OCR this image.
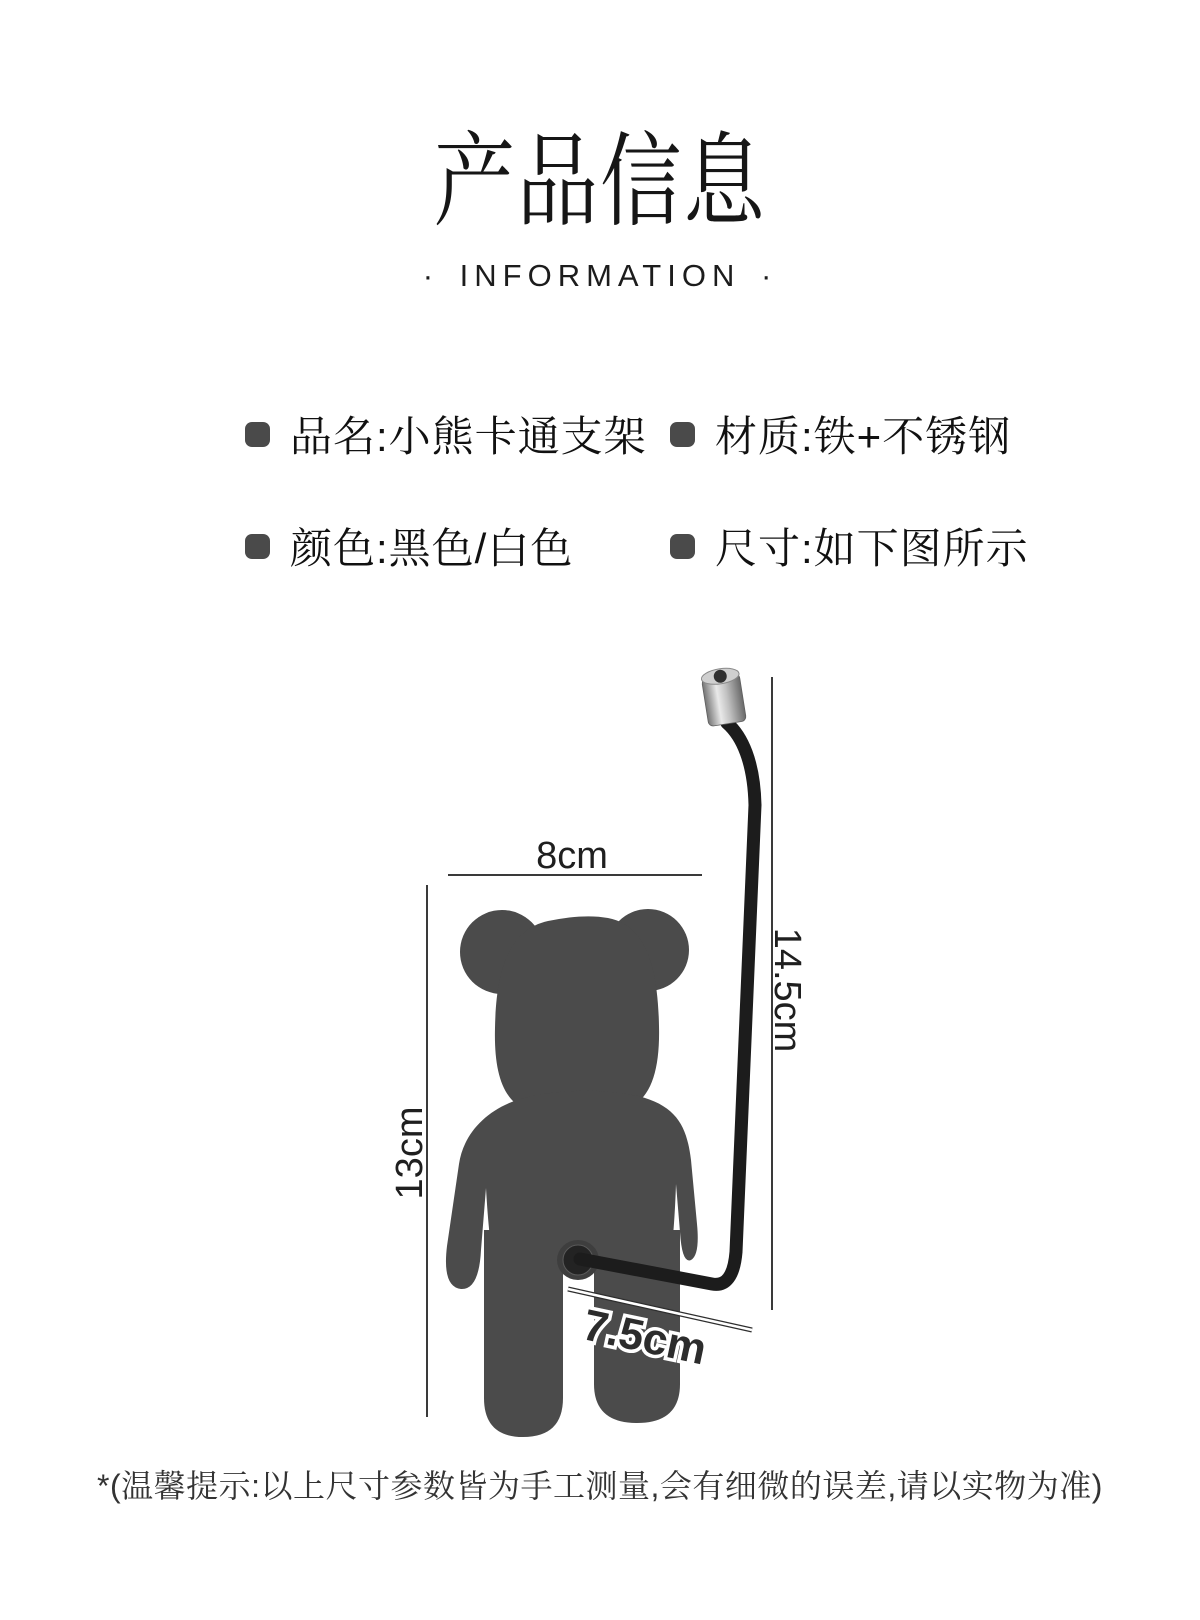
产品信息
· INFORMATION ·
品名:小熊卡通支架 材质:铁+不锈钢
颜色:黑色/白色	尺寸:如下图所示
8cm
13cm
14.5cm
7.5cm
*(温馨提示:以上尺寸参数皆为手工测量,会有细微的误差,请以实物为准)
